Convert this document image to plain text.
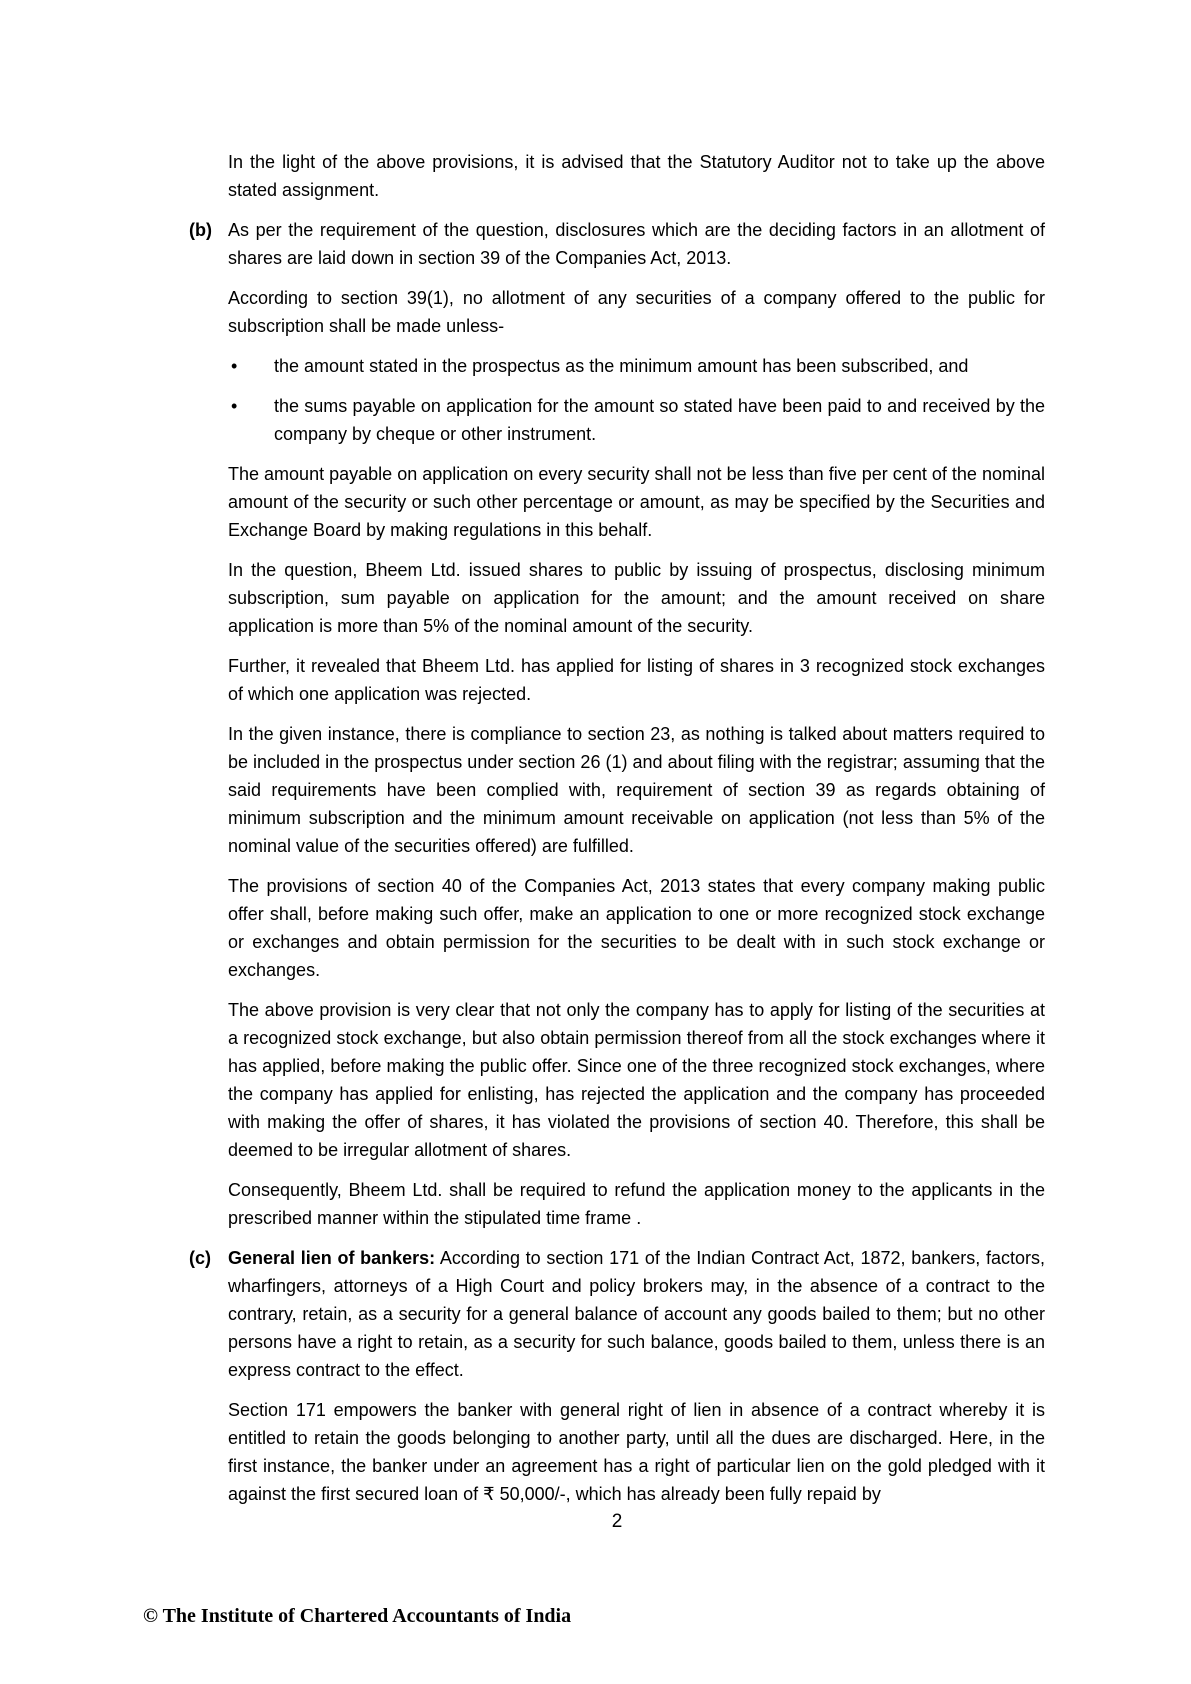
In the light of the above provisions, it is advised that the Statutory Auditor not to take up the above stated assignment.

(b) As per the requirement of the question, disclosures which are the deciding factors in an allotment of shares are laid down in section 39 of the Companies Act, 2013.

According to section 39(1), no allotment of any securities of a company offered to the public for subscription shall be made unless-

• the amount stated in the prospectus as the minimum amount has been subscribed, and
• the sums payable on application for the amount so stated have been paid to and received by the company by cheque or other instrument.

The amount payable on application on every security shall not be less than five per cent of the nominal amount of the security or such other percentage or amount, as may be specified by the Securities and Exchange Board by making regulations in this behalf.

In the question, Bheem Ltd. issued shares to public by issuing of prospectus, disclosing minimum subscription, sum payable on application for the amount; and the amount received on share application is more than 5% of the nominal amount of the security.

Further, it revealed that Bheem Ltd. has applied for listing of shares in 3 recognized stock exchanges of which one application was rejected.

In the given instance, there is compliance to section 23, as nothing is talked about matters required to be included in the prospectus under section 26 (1) and about filing with the registrar; assuming that the said requirements have been complied with, requirement of section 39 as regards obtaining of minimum subscription and the minimum amount receivable on application (not less than 5% of the nominal value of the securities offered) are fulfilled.

The provisions of section 40 of the Companies Act, 2013 states that every company making public offer shall, before making such offer, make an application to one or more recognized stock exchange or exchanges and obtain permission for the securities to be dealt with in such stock exchange or exchanges.

The above provision is very clear that not only the company has to apply for listing of the securities at a recognized stock exchange, but also obtain permission thereof from all the stock exchanges where it has applied, before making the public offer. Since one of the three recognized stock exchanges, where the company has applied for enlisting, has rejected the application and the company has proceeded with making the offer of shares, it has violated the provisions of section 40. Therefore, this shall be deemed to be irregular allotment of shares.

Consequently, Bheem Ltd. shall be required to refund the application money to the applicants in the prescribed manner within the stipulated time frame .

(c) General lien of bankers: According to section 171 of the Indian Contract Act, 1872, bankers, factors, wharfingers, attorneys of a High Court and policy brokers may, in the absence of a contract to the contrary, retain, as a security for a general balance of account any goods bailed to them; but no other persons have a right to retain, as a security for such balance, goods bailed to them, unless there is an express contract to the effect.

Section 171 empowers the banker with general right of lien in absence of a contract whereby it is entitled to retain the goods belonging to another party, until all the dues are discharged. Here, in the first instance, the banker under an agreement has a right of particular lien on the gold pledged with it against the first secured loan of ₹ 50,000/-, which has already been fully repaid by

2
© The Institute of Chartered Accountants of India
